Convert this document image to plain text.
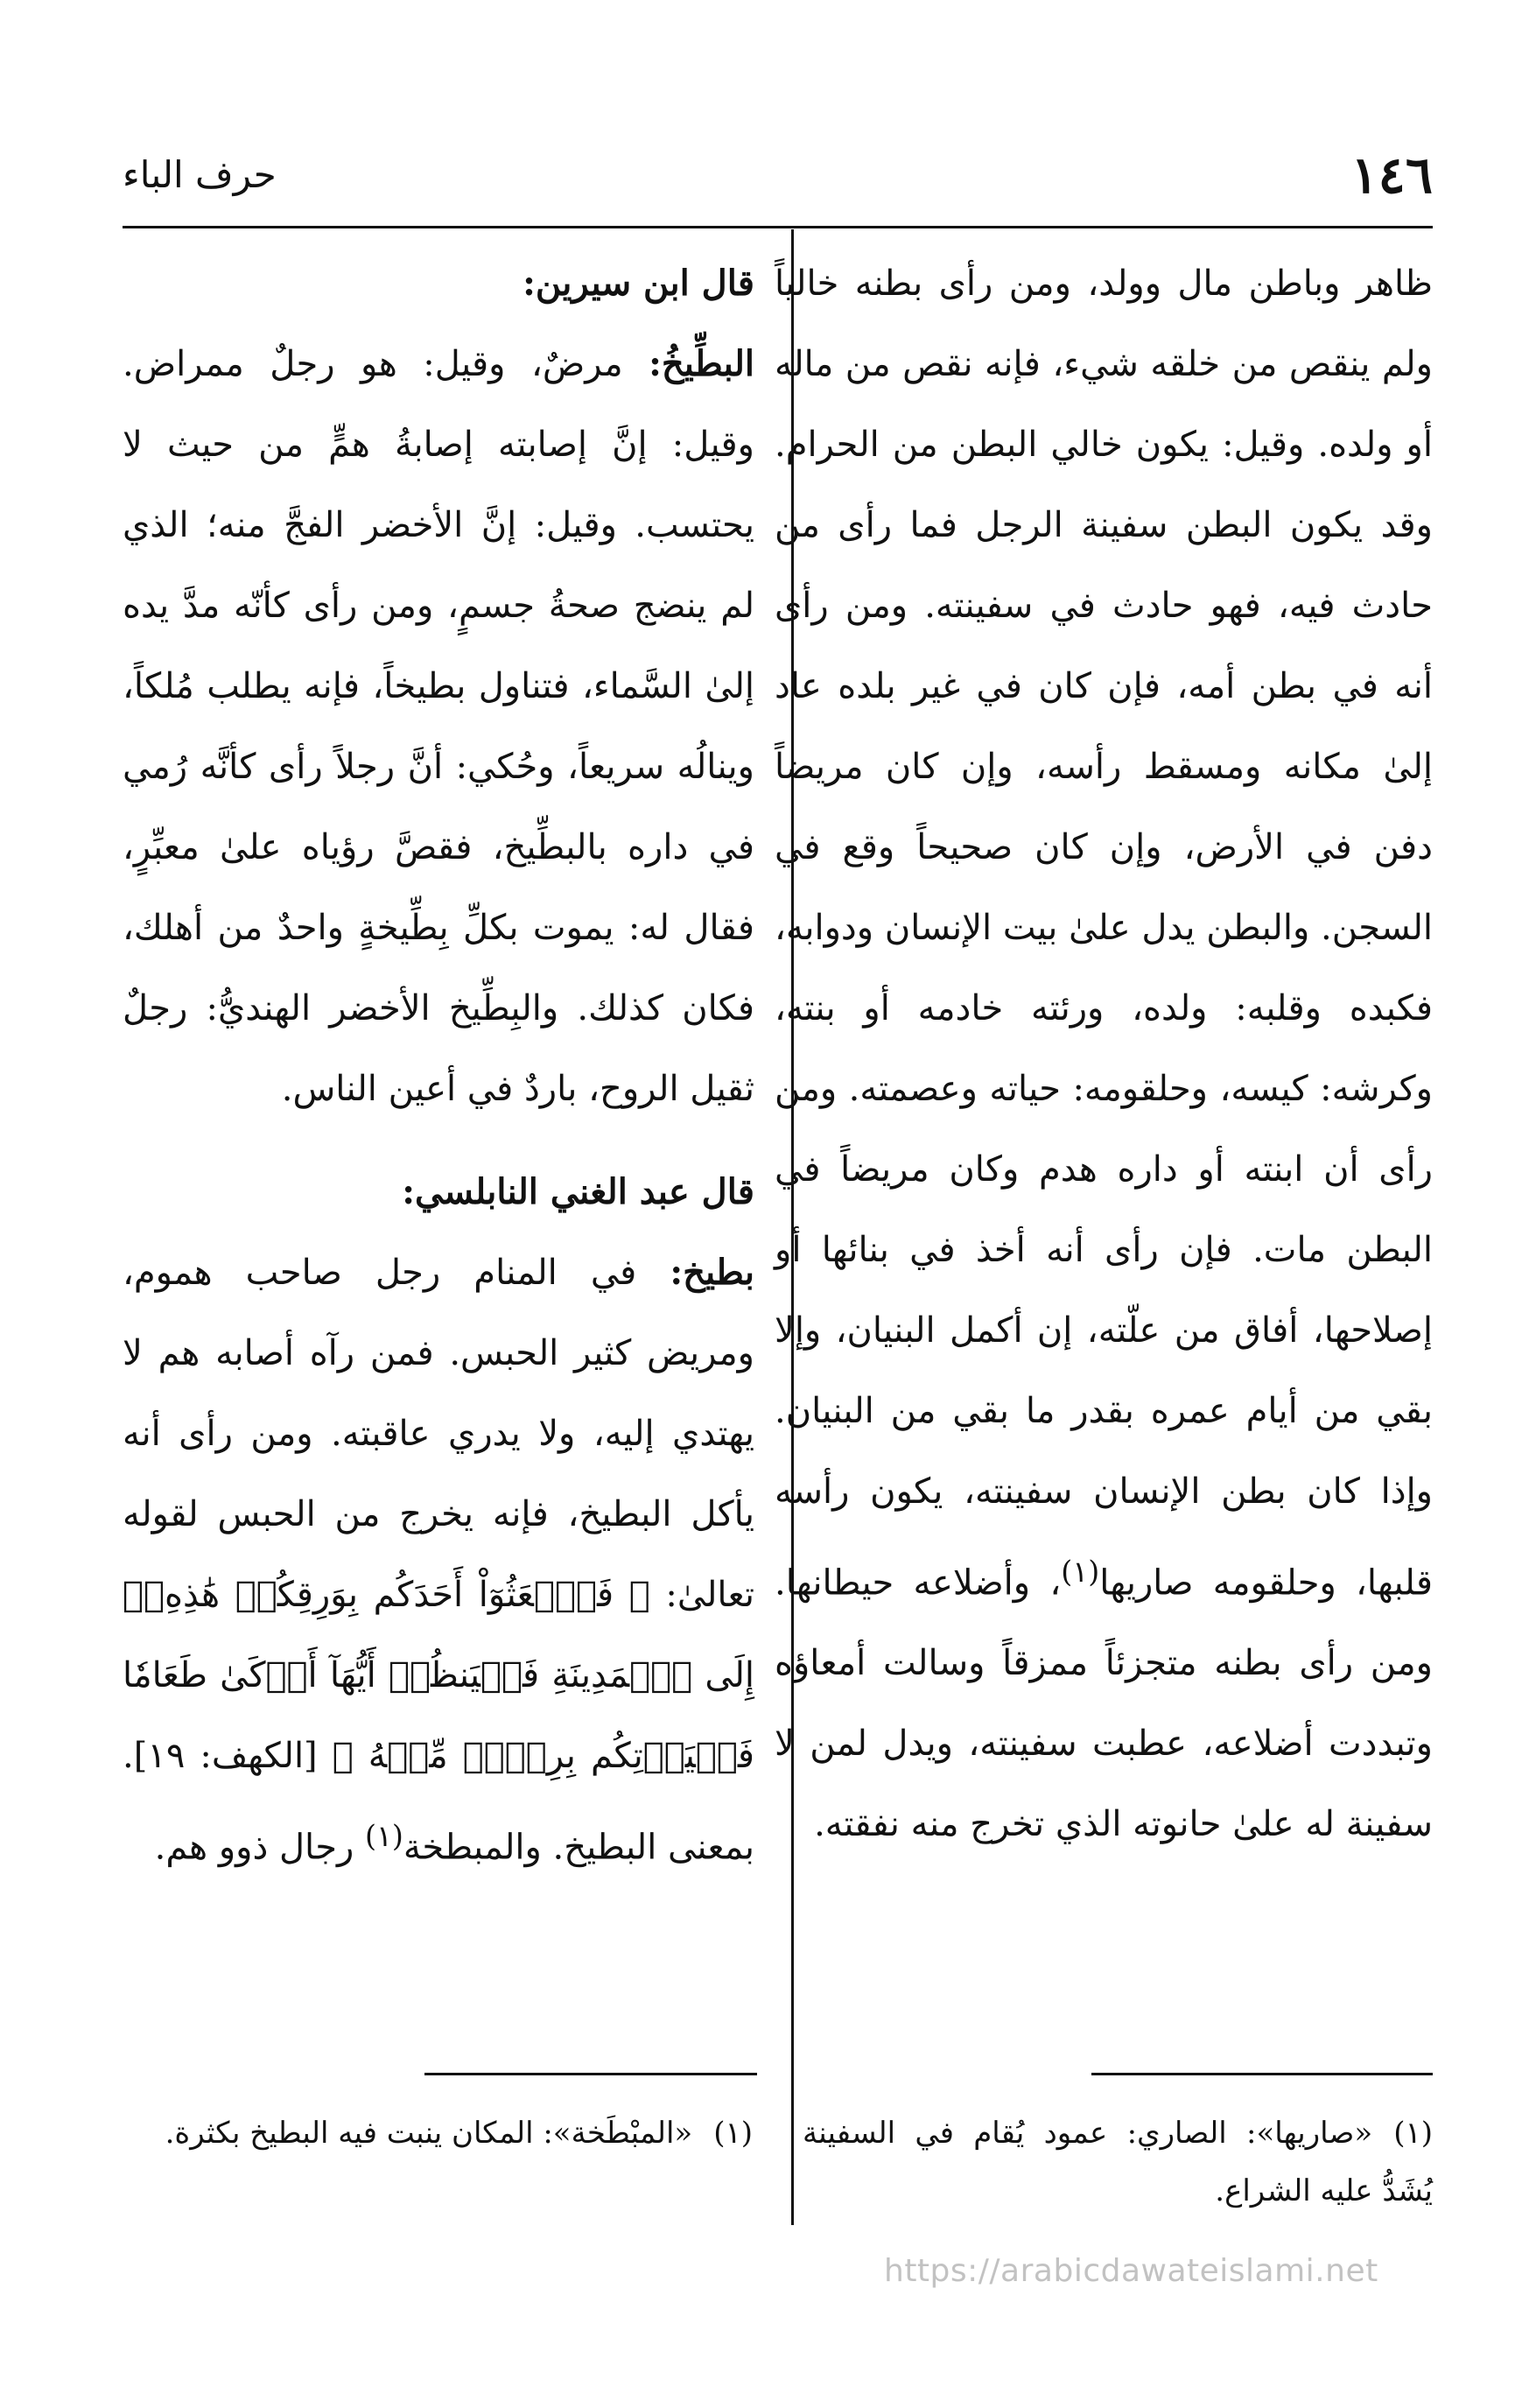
١٤٦
حرف الباء

ظاهر وباطن مال وولد، ومن رأى بطنه خالياً ولم ينقص من خلقه شيء، فإنه نقص من ماله أو ولده. وقيل: يكون خالي البطن من الحرام. وقد يكون البطن سفينة الرجل فما رأى من حادث فيه، فهو حادث في سفينته. ومن رأى أنه في بطن أمه، فإن كان في غير بلده عاد إلىٰ مكانه ومسقط رأسه، وإن كان مريضاً دفن في الأرض، وإن كان صحيحاً وقع في السجن. والبطن يدل علىٰ بيت الإنسان ودوابه، فكبده وقلبه: ولده، ورئته خادمه أو بنته، وكرشه: كيسه، وحلقومه: حياته وعصمته. ومن رأى أن ابنته أو داره هدم وكان مريضاً في البطن مات. فإن رأى أنه أخذ في بنائها أو إصلاحها، أفاق من علّته، إن أكمل البنيان، وإلا بقي من أيام عمره بقدر ما بقي من البنيان. وإذا كان بطن الإنسان سفينته، يكون رأسه قلبها، وحلقومه صاريها$^{(١)}$، وأضلاعه حيطانها. ومن رأى بطنه متجزئاً ممزقاً وسالت أمعاؤه وتبددت أضلاعه، عطبت سفينته، ويدل لمن لا سفينة له علىٰ حانوته الذي تخرج منه نفقته.

قال ابن سيرين:

البطِّيخُ: مرضٌ، وقيل: هو رجلٌ ممراض. وقيل: إنَّ إصابته إصابةُ همٍّ من حيث لا يحتسب. وقيل: إنَّ الأخضر الفجَّ منه؛ الذي لم ينضج صحةُ جسمٍ، ومن رأى كأنّه مدَّ يده إلىٰ السَّماء، فتناول بطيخاً، فإنه يطلب مُلكاً، وينالُه سريعاً، وحُكي: أنَّ رجلاً رأى كأنَّه رُمي في داره بالبطِّيخ، فقصَّ رؤياه علىٰ معبِّرٍ، فقال له: يموت بكلِّ بِطِّيخةٍ واحدٌ من أهلك، فكان كذلك. والبِطِّيخ الأخضر الهنديُّ: رجلٌ ثقيل الروح، باردٌ في أعين الناس.

قال عبد الغني النابلسي:

بطيخ: في المنام رجل صاحب هموم، ومريض كثير الحبس. فمن رآه أصابه هم لا يهتدي إليه، ولا يدري عاقبته. ومن رأى أنه يأكل البطيخ، فإنه يخرج من الحبس لقوله تعالىٰ: ﴿ فَٱبۡعَثُوٓاْ أَحَدَكُم بِوَرِقِكُمۡ هَٰذِهِۦٓ إِلَى ٱلۡمَدِينَةِ فَلۡيَنظُرۡ أَيُّهَآ أَزۡكَىٰ طَعَامٗا فَلۡيَأۡتِكُم بِرِزۡقٖ مِّنۡهُ ﴾ [الكهف: ١٩]. بمعنى البطيخ. والمبطخة$^{(١)}$ رجال ذوو هم.

(١)«صاريها»: الصاري: عمود يُقام في السفينة يُشَدُّ عليه الشراع.
(١)«المبْطَخة»: المكان ينبت فيه البطيخ بكثرة.
https://arabicdawateislami.net
